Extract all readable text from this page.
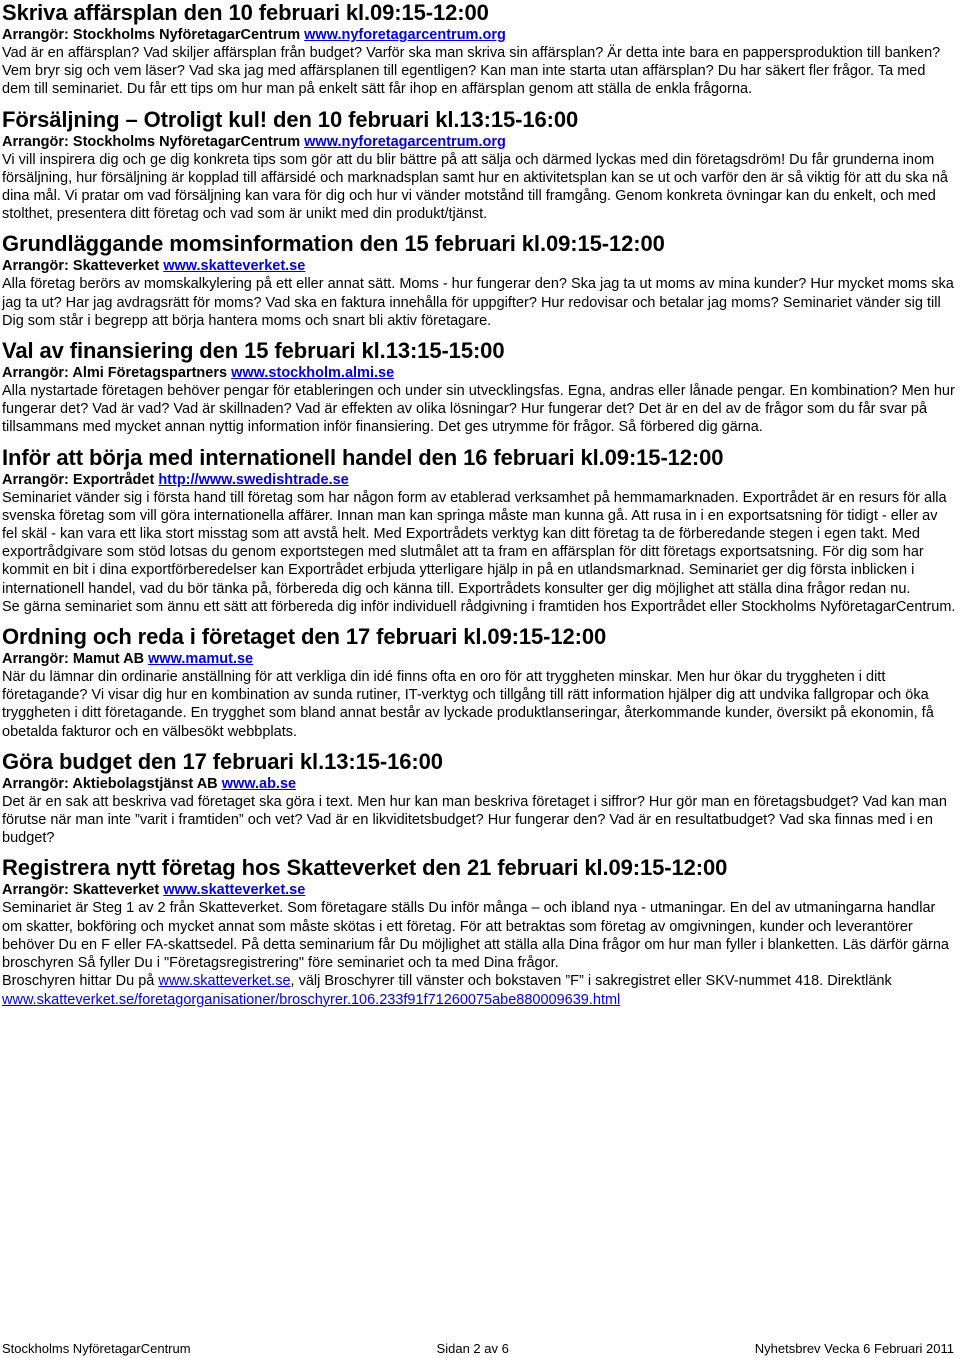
Skriva affärsplan den 10 februari kl.09:15-12:00
Arrangör: Stockholms NyföretagarCentrum www.nyforetagarcentrum.org

Vad är en affärsplan? Vad skiljer affärsplan från budget? Varför ska man skriva sin affärsplan? Är detta inte bara en pappersproduktion till banken? Vem bryr sig och vem läser? Vad ska jag med affärsplanen till egentligen? Kan man inte starta utan affärsplan? Du har säkert fler frågor. Ta med dem till seminariet. Du får ett tips om hur man på enkelt sätt får ihop en affärsplan genom att ställa de enkla frågorna.

Försäljning – Otroligt kul! den 10 februari kl.13:15-16:00
Arrangör: Stockholms NyföretagarCentrum www.nyforetagarcentrum.org

Vi vill inspirera dig och ge dig konkreta tips som gör att du blir bättre på att sälja och därmed lyckas med din företagsdröm! Du får grunderna inom försäljning, hur försäljning är kopplad till affärsidé och marknadsplan samt hur en aktivitetsplan kan se ut och varför den är så viktig för att du ska nå dina mål. Vi pratar om vad försäljning kan vara för dig och hur vi vänder motstånd till framgång. Genom konkreta övningar kan du enkelt, och med stolthet, presentera ditt företag och vad som är unikt med din produkt/tjänst.

Grundläggande momsinformation den 15 februari kl.09:15-12:00
Arrangör: Skatteverket www.skatteverket.se

Alla företag berörs av momskalkylering på ett eller annat sätt. Moms - hur fungerar den? Ska jag ta ut moms av mina kunder? Hur mycket moms ska jag ta ut? Har jag avdragsrätt för moms? Vad ska en faktura innehålla för uppgifter? Hur redovisar och betalar jag moms? Seminariet vänder sig till Dig som står i begrepp att börja hantera moms och snart bli aktiv företagare.

Val av finansiering den 15 februari kl.13:15-15:00
Arrangör: Almi Företagspartners www.stockholm.almi.se

Alla nystartade företagen behöver pengar för etableringen och under sin utvecklingsfas. Egna, andras eller lånade pengar. En kombination? Men hur fungerar det? Vad är vad? Vad är skillnaden? Vad är effekten av olika lösningar? Hur fungerar det? Det är en del av de frågor som du får svar på tillsammans med mycket annan nyttig information inför finansiering. Det ges utrymme för frågor. Så förbered dig gärna.

Inför att börja med internationell handel den 16 februari kl.09:15-12:00
Arrangör: Exportrådet http://www.swedishtrade.se

Seminariet vänder sig i första hand till företag som har någon form av etablerad verksamhet på hemmamarknaden. Exportrådet är en resurs för alla svenska företag som vill göra internationella affärer. Innan man kan springa måste man kunna gå. Att rusa in i en exportsatsning för tidigt - eller av fel skäl - kan vara ett lika stort misstag som att avstå helt. Med Exportrådets verktyg kan ditt företag ta de förberedande stegen i egen takt. Med exportrådgivare som stöd lotsas du genom exportstegen med slutmålet att ta fram en affärsplan för ditt företags exportsatsning. För dig som har kommit en bit i dina exportförberedelser kan Exportrådet erbjuda ytterligare hjälp in på en utlandsmarknad. Seminariet ger dig första inblicken i internationell handel, vad du bör tänka på, förbereda dig och känna till. Exportrådets konsulter ger dig möjlighet att ställa dina frågor redan nu.

Se gärna seminariet som ännu ett sätt att förbereda dig inför individuell rådgivning i framtiden hos Exportrådet eller Stockholms NyföretagarCentrum.

Ordning och reda i företaget den 17 februari kl.09:15-12:00
Arrangör: Mamut AB www.mamut.se

När du lämnar din ordinarie anställning för att verkliga din idé finns ofta en oro för att tryggheten minskar. Men hur ökar du tryggheten i ditt företagande? Vi visar dig hur en kombination av sunda rutiner, IT-verktyg och tillgång till rätt information hjälper dig att undvika fallgropar och öka tryggheten i ditt företagande. En trygghet som bland annat består av lyckade produktlanseringar, återkommande kunder, översikt på ekonomin, få obetalda fakturor och en välbesökt webbplats.

Göra budget den 17 februari kl.13:15-16:00
Arrangör: Aktiebolagstjänst AB www.ab.se

Det är en sak att beskriva vad företaget ska göra i text. Men hur kan man beskriva företaget i siffror? Hur gör man en företagsbudget? Vad kan man förutse när man inte ”varit i framtiden” och vet? Vad är en likviditetsbudget? Hur fungerar den? Vad är en resultatbudget? Vad ska finnas med i en budget?

Registrera nytt företag hos Skatteverket den 21 februari kl.09:15-12:00
Arrangör: Skatteverket www.skatteverket.se

Seminariet är Steg 1 av 2 från Skatteverket. Som företagare ställs Du inför många – och ibland nya - utmaningar. En del av utmaningarna handlar om skatter, bokföring och mycket annat som måste skötas i ett företag. För att betraktas som företag av omgivningen, kunder och leverantörer behöver Du en F eller FA-skattsedel. På detta seminarium får Du möjlighet att ställa alla Dina frågor om hur man fyller i blanketten. Läs därför gärna broschyren Så fyller Du i "Företagsregistrering" före seminariet och ta med Dina frågor.

Broschyren hittar Du på www.skatteverket.se, välj Broschyrer till vänster och bokstaven ”F” i sakregistret eller SKV-nummet 418. Direktlänk www.skatteverket.se/foretagorganisationer/broschyrer.106.233f91f71260075abe880009639.html

Stockholms NyföretagarCentrum	Sidan 2 av 6	Nyhetsbrev Vecka 6 Februari 2011
